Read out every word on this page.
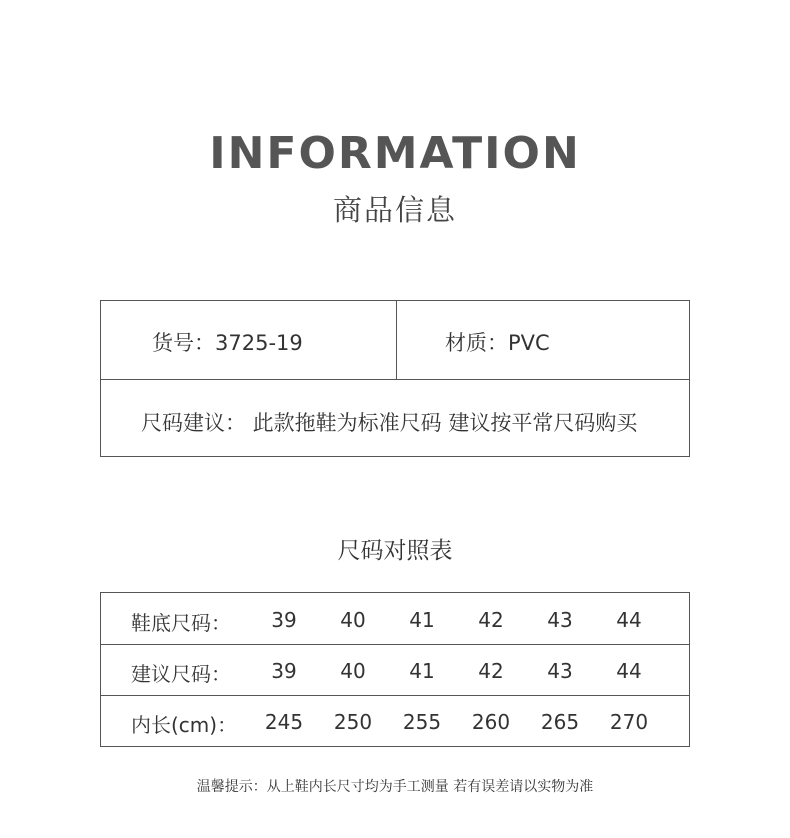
INFORMATION
商品信息
货号：3725-19	材质：PVC
尺码建议： 此款拖鞋为标准尺码 建议按平常尺码购买
尺码对照表
鞋底尺码：	39	40	41	42	43	44
建议尺码：	39	40	41	42	43	44
内长(cm)：	245	250	255	260	265	270
温馨提示：从上鞋内长尺寸均为手工测量 若有误差请以实物为准
